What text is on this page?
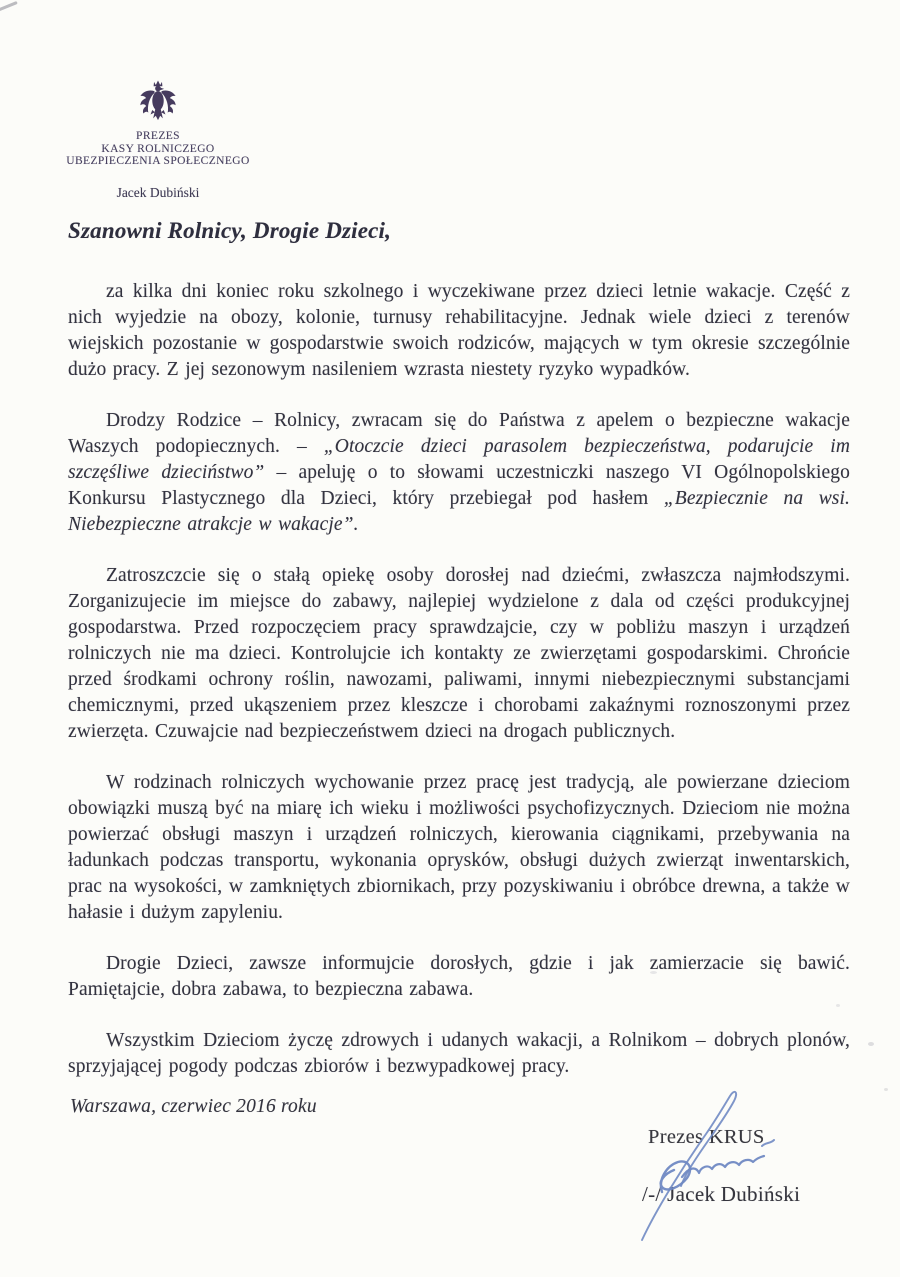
PREZES
KASY ROLNICZEGO
UBEZPIECZENIA SPOŁECZNEGO
Jacek Dubiński
Szanowni Rolnicy, Drogie Dzieci,

za kilka dni koniec roku szkolnego i wyczekiwane przez dzieci letnie wakacje. Część z nich wyjedzie na obozy, kolonie, turnusy rehabilitacyjne. Jednak wiele dzieci z terenów wiejskich pozostanie w gospodarstwie swoich rodziców, mających w tym okresie szczególnie dużo pracy. Z jej sezonowym nasileniem wzrasta niestety ryzyko wypadków.

Drodzy Rodzice – Rolnicy, zwracam się do Państwa z apelem o bezpieczne wakacje Waszych podopiecznych. – „Otoczcie dzieci parasolem bezpieczeństwa, podarujcie im szczęśliwe dzieciństwo” – apeluję o to słowami uczestniczki naszego VI Ogólnopolskiego Konkursu Plastycznego dla Dzieci, który przebiegał pod hasłem „Bezpiecznie na wsi. Niebezpieczne atrakcje w wakacje”.

Zatroszczcie się o stałą opiekę osoby dorosłej nad dziećmi, zwłaszcza najmłodszymi. Zorganizujecie im miejsce do zabawy, najlepiej wydzielone z dala od części produkcyjnej gospodarstwa. Przed rozpoczęciem pracy sprawdzajcie, czy w pobliżu maszyn i urządzeń rolniczych nie ma dzieci. Kontrolujcie ich kontakty ze zwierzętami gospodarskimi. Chrońcie przed środkami ochrony roślin, nawozami, paliwami, innymi niebezpiecznymi substancjami chemicznymi, przed ukąszeniem przez kleszcze i chorobami zakaźnymi roznoszonymi przez zwierzęta. Czuwajcie nad bezpieczeństwem dzieci na drogach publicznych.

W rodzinach rolniczych wychowanie przez pracę jest tradycją, ale powierzane dzieciom obowiązki muszą być na miarę ich wieku i możliwości psychofizycznych. Dzieciom nie można powierzać obsługi maszyn i urządzeń rolniczych, kierowania ciągnikami, przebywania na ładunkach podczas transportu, wykonania oprysków, obsługi dużych zwierząt inwentarskich, prac na wysokości, w zamkniętych zbiornikach, przy pozyskiwaniu i obróbce drewna, a także w hałasie i dużym zapyleniu.

Drogie Dzieci, zawsze informujcie dorosłych, gdzie i jak zamierzacie się bawić. Pamiętajcie, dobra zabawa, to bezpieczna zabawa.

Wszystkim Dzieciom życzę zdrowych i udanych wakacji, a Rolnikom – dobrych plonów, sprzyjającej pogody podczas zbiorów i bezwypadkowej pracy.

Warszawa, czerwiec 2016 roku
Prezes KRUS
/-/ Jacek Dubiński
